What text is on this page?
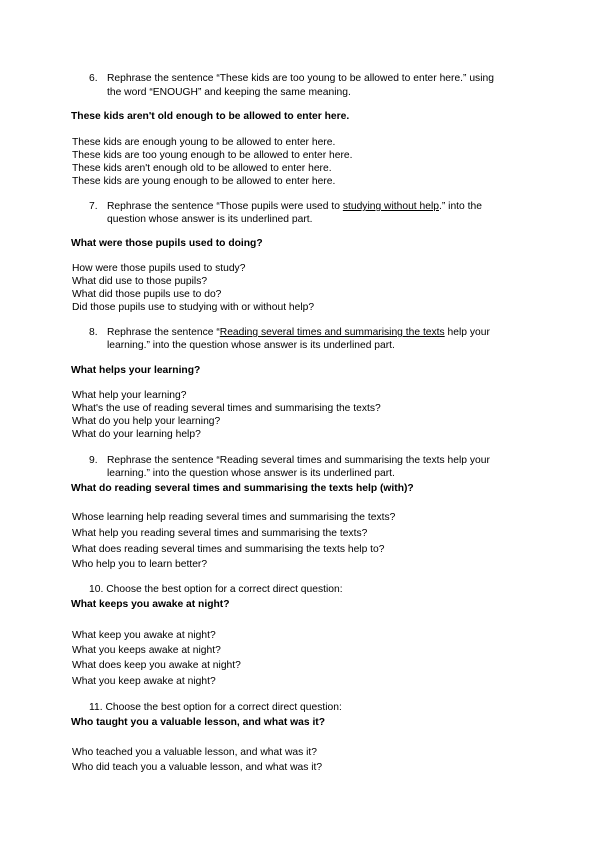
6. Rephrase the sentence “These kids are too young to be allowed to enter here.” using
the word “ENOUGH” and keeping the same meaning.
These kids aren't old enough to be allowed to enter here.
These kids are enough young to be allowed to enter here.
These kids are too young enough to be allowed to enter here.
These kids aren't enough old to be allowed to enter here.
These kids are young enough to be allowed to enter here.
7. Rephrase the sentence “Those pupils were used to studying without help.” into the
question whose answer is its underlined part.
What were those pupils used to doing?
How were those pupils used to study?
What did use to those pupils?
What did those pupils use to do?
Did those pupils use to studying with or without help?
8. Rephrase the sentence “Reading several times and summarising the texts help your
learning.” into the question whose answer is its underlined part.
What helps your learning?
What help your learning?
What's the use of reading several times and summarising the texts?
What do you help your learning?
What do your learning help?
9. Rephrase the sentence “Reading several times and summarising the texts help your
learning.” into the question whose answer is its underlined part.
What do reading several times and summarising the texts help (with)?
Whose learning help reading several times and summarising the texts?
What help you reading several times and summarising the texts?
What does reading several times and summarising the texts help to?
Who help you to learn better?
10. Choose the best option for a correct direct question:
What keeps you awake at night?
What keep you awake at night?
What you keeps awake at night?
What does keep you awake at night?
What you keep awake at night?
11. Choose the best option for a correct direct question:
Who taught you a valuable lesson, and what was it?
Who teached you a valuable lesson, and what was it?
Who did teach you a valuable lesson, and what was it?
